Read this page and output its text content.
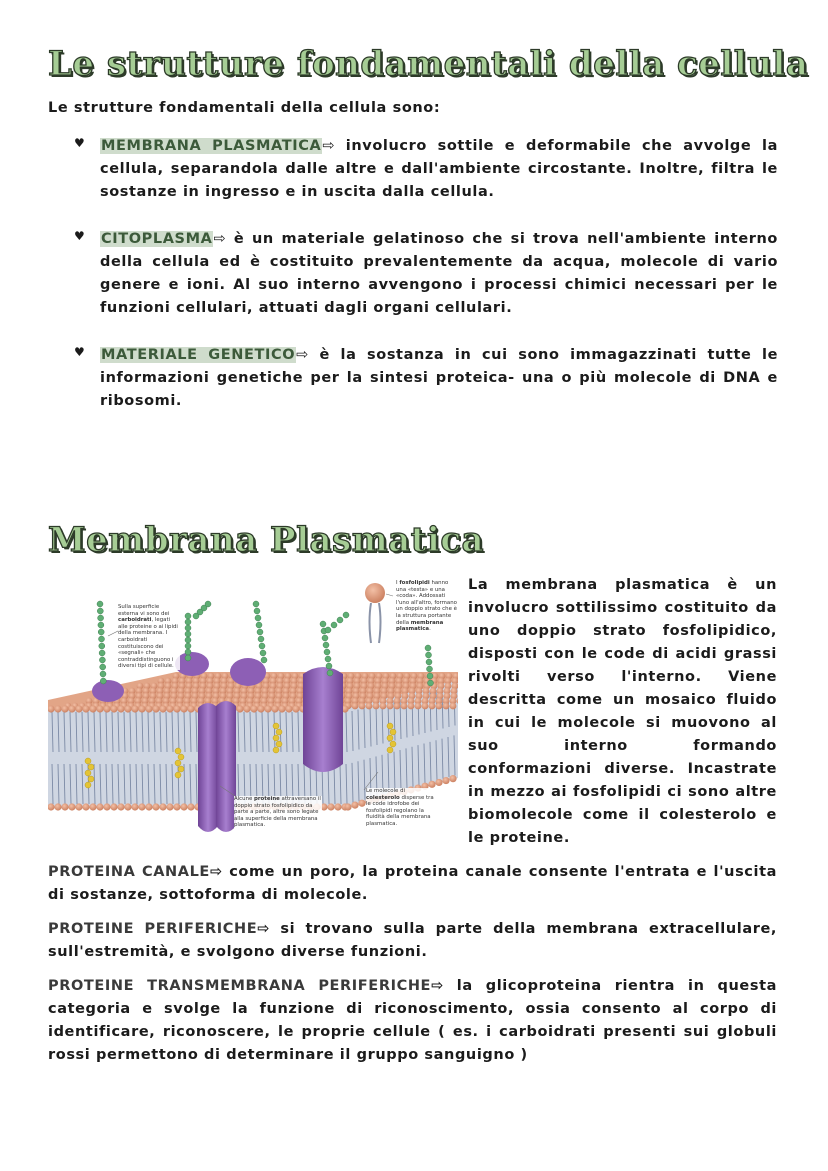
Le strutture fondamentali della cellula
Le strutture fondamentali della cellula sono:
♥ MEMBRANA PLASMATICA⇨ involucro sottile e deformabile che avvolge la cellula, separandola dalle altre e dall'ambiente circostante. Inoltre, filtra le sostanze in ingresso e in uscita dalla cellula.
♥ CITOPLASMA⇨ è un materiale gelatinoso che si trova nell'ambiente interno della cellula ed è costituito prevalentemente da acqua, molecole di vario genere e ioni. Al suo interno avvengono i processi chimici necessari per le funzioni cellulari, attuati dagli organi cellulari.
♥ MATERIALE GENETICO⇨ è la sostanza in cui sono immagazzinati tutte le informazioni genetiche per la sintesi proteica- una o più molecole di DNA e ribosomi.
Membrana Plasmatica
Sulla superficie esterna vi sono dei carboidrati, legati alle proteine o ai lipidi della membrana. I carboidrati costituiscono dei «segnali» che contraddistinguono i diversi tipi di cellule.
I fosfolipidi hanno una «testa» e una «coda». Addossati l'uno all'altro, formano un doppio strato che è la struttura portante della membrana plasmatica.
Alcune proteine attraversano il doppio strato fosfolipidico da parte a parte, altre sono legate alla superficie della membrana plasmatica.
Le molecole di colesterolo disperse tra le code idrofobe dei fosfolipidi regolano la fluidità della membrana plasmatica.
La membrana plasmatica è un involucro sottilissimo costituito da uno doppio strato fosfolipidico, disposti con le code di acidi grassi rivolti verso l'interno. Viene descritta come un mosaico fluido in cui le molecole si muovono al suo interno formando conformazioni diverse. Incastrate in mezzo ai fosfolipidi ci sono altre biomolecole come il colesterolo e le proteine.
PROTEINA CANALE⇨ come un poro, la proteina canale consente l'entrata e l'uscita di sostanze, sottoforma di molecole.
PROTEINE PERIFERICHE⇨ si trovano sulla parte della membrana extracellulare, sull'estremità, e svolgono diverse funzioni.
PROTEINE TRANSMEMBRANA PERIFERICHE⇨ la glicoproteina rientra in questa categoria e svolge la funzione di riconoscimento, ossia consento al corpo di identificare, riconoscere, le proprie cellule ( es. i carboidrati presenti sui globuli rossi permettono di determinare il gruppo sanguigno )
